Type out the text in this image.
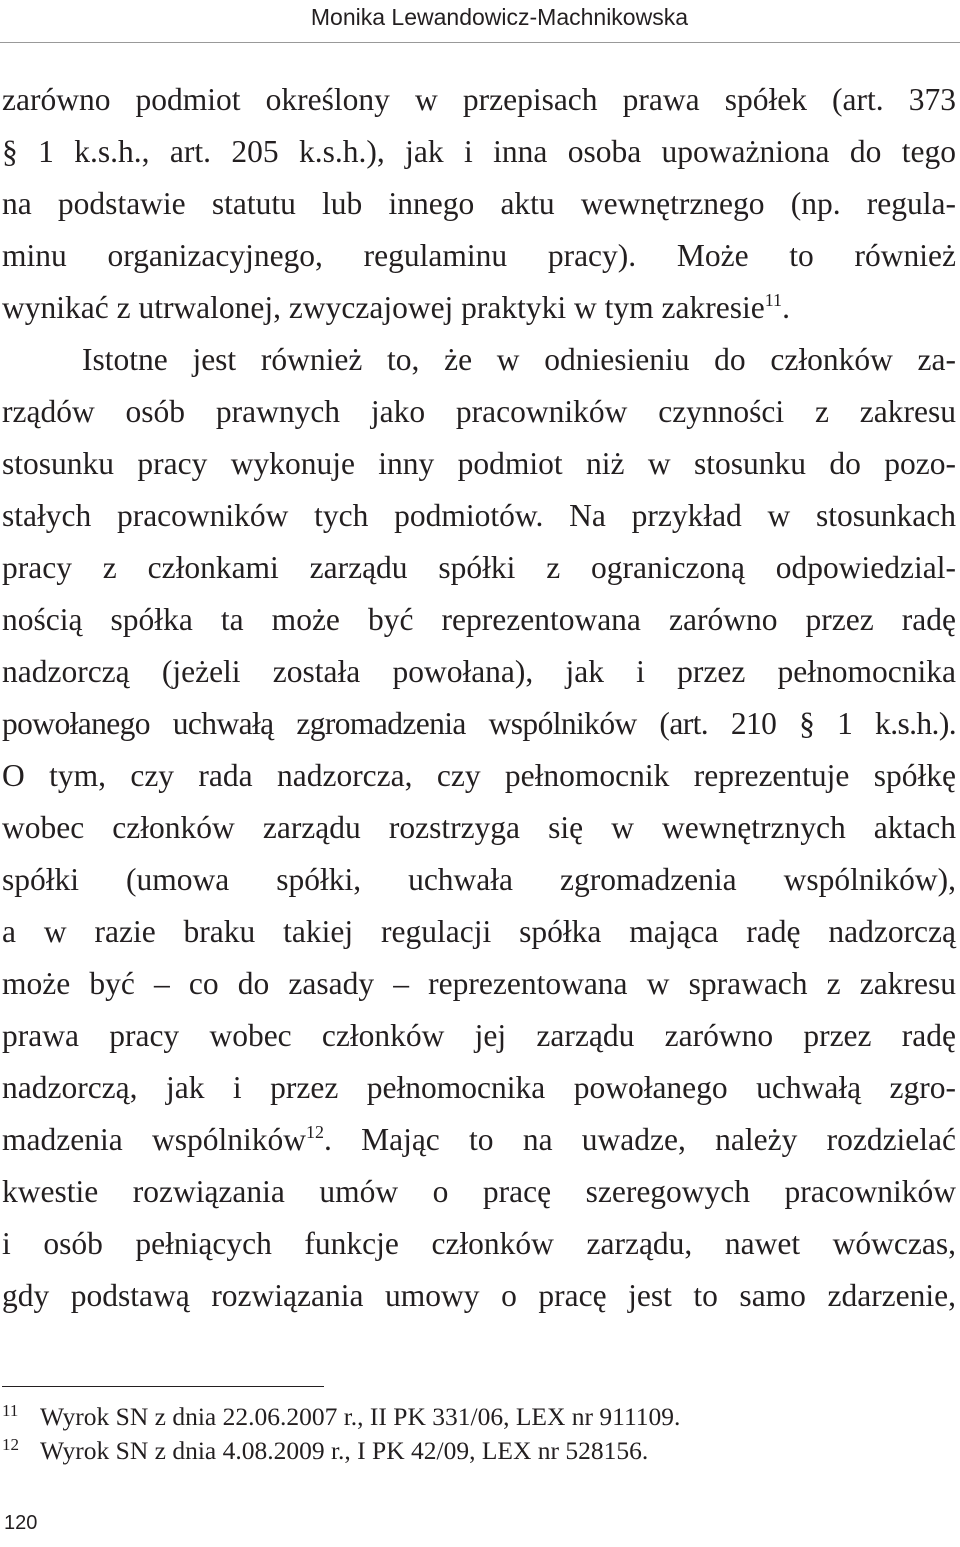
Monika Lewandowicz-Machnikowska
zarówno podmiot określony w przepisach prawa spółek (art. 373
§ 1 k.s.h., art. 205 k.s.h.), jak i inna osoba upoważniona do tego
na podstawie statutu lub innego aktu wewnętrznego (np. regula-
minu organizacyjnego, regulaminu pracy). Może to również
wynikać z utrwalonej, zwyczajowej praktyki w tym zakresie$^{11}$.
Istotne jest również to, że w odniesieniu do członków za-
rządów osób prawnych jako pracowników czynności z zakresu
stosunku pracy wykonuje inny podmiot niż w stosunku do pozo-
stałych pracowników tych podmiotów. Na przykład w stosunkach
pracy z członkami zarządu spółki z ograniczoną odpowiedzial-
nością spółka ta może być reprezentowana zarówno przez radę
nadzorczą (jeżeli została powołana), jak i przez pełnomocnika
powołanego uchwałą zgromadzenia wspólników (art. 210 § 1 k.s.h.).
O tym, czy rada nadzorcza, czy pełnomocnik reprezentuje spółkę
wobec członków zarządu rozstrzyga się w wewnętrznych aktach
spółki (umowa spółki, uchwała zgromadzenia wspólników),
a w razie braku takiej regulacji spółka mająca radę nadzorczą
może być – co do zasady – reprezentowana w sprawach z zakresu
prawa pracy wobec członków jej zarządu zarówno przez radę
nadzorczą, jak i przez pełnomocnika powołanego uchwałą zgro-
madzenia wspólników$^{12}$. Mając to na uwadze, należy rozdzielać
kwestie rozwiązania umów o pracę szeregowych pracowników
i osób pełniących funkcje członków zarządu, nawet wówczas,
gdy podstawą rozwiązania umowy o pracę jest to samo zdarzenie,
11 Wyrok SN z dnia 22.06.2007 r., II PK 331/06, LEX nr 911109.
12 Wyrok SN z dnia 4.08.2009 r., I PK 42/09, LEX nr 528156.
120
